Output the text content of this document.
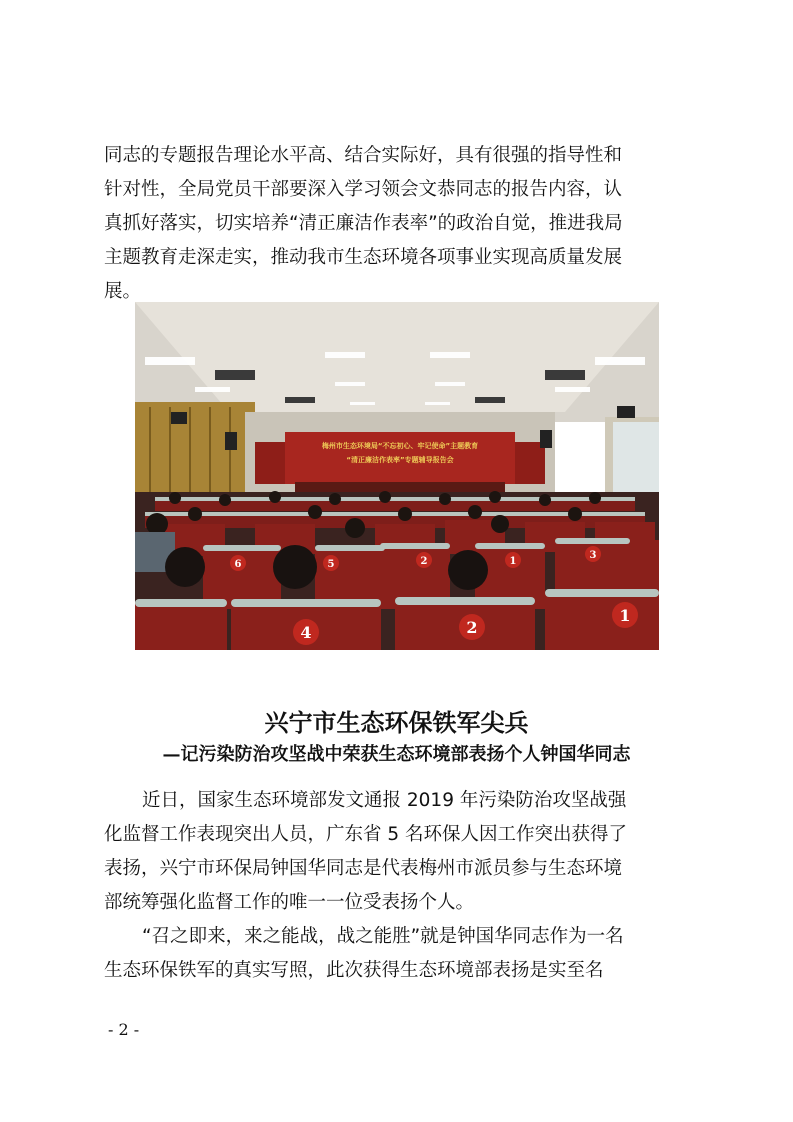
同志的专题报告理论水平高、结合实际好，具有很强的指导性和
针对性，全局党员干部要深入学习领会文恭同志的报告内容，认
真抓好落实，切实培养“清正廉洁作表率”的政治自觉，推进我局
主题教育走深走实，推动我市生态环境各项事业实现高质量发展
展。
梅州市生态环境局“不忘初心、牢记使命”主题教育
“清正廉洁作表率”专题辅导报告会
4	2
1
6	5	2	1
3
兴宁市生态环保铁军尖兵
—记污染防治攻坚战中荣获生态环境部表扬个人钟国华同志
近日，国家生态环境部发文通报 2019 年污染防治攻坚战强
化监督工作表现突出人员，广东省 5 名环保人因工作突出获得了
表扬，兴宁市环保局钟国华同志是代表梅州市派员参与生态环境
部统筹强化监督工作的唯一一位受表扬个人。
“召之即来，来之能战，战之能胜”就是钟国华同志作为一名
生态环保铁军的真实写照，此次获得生态环境部表扬是实至名
- 2 -
